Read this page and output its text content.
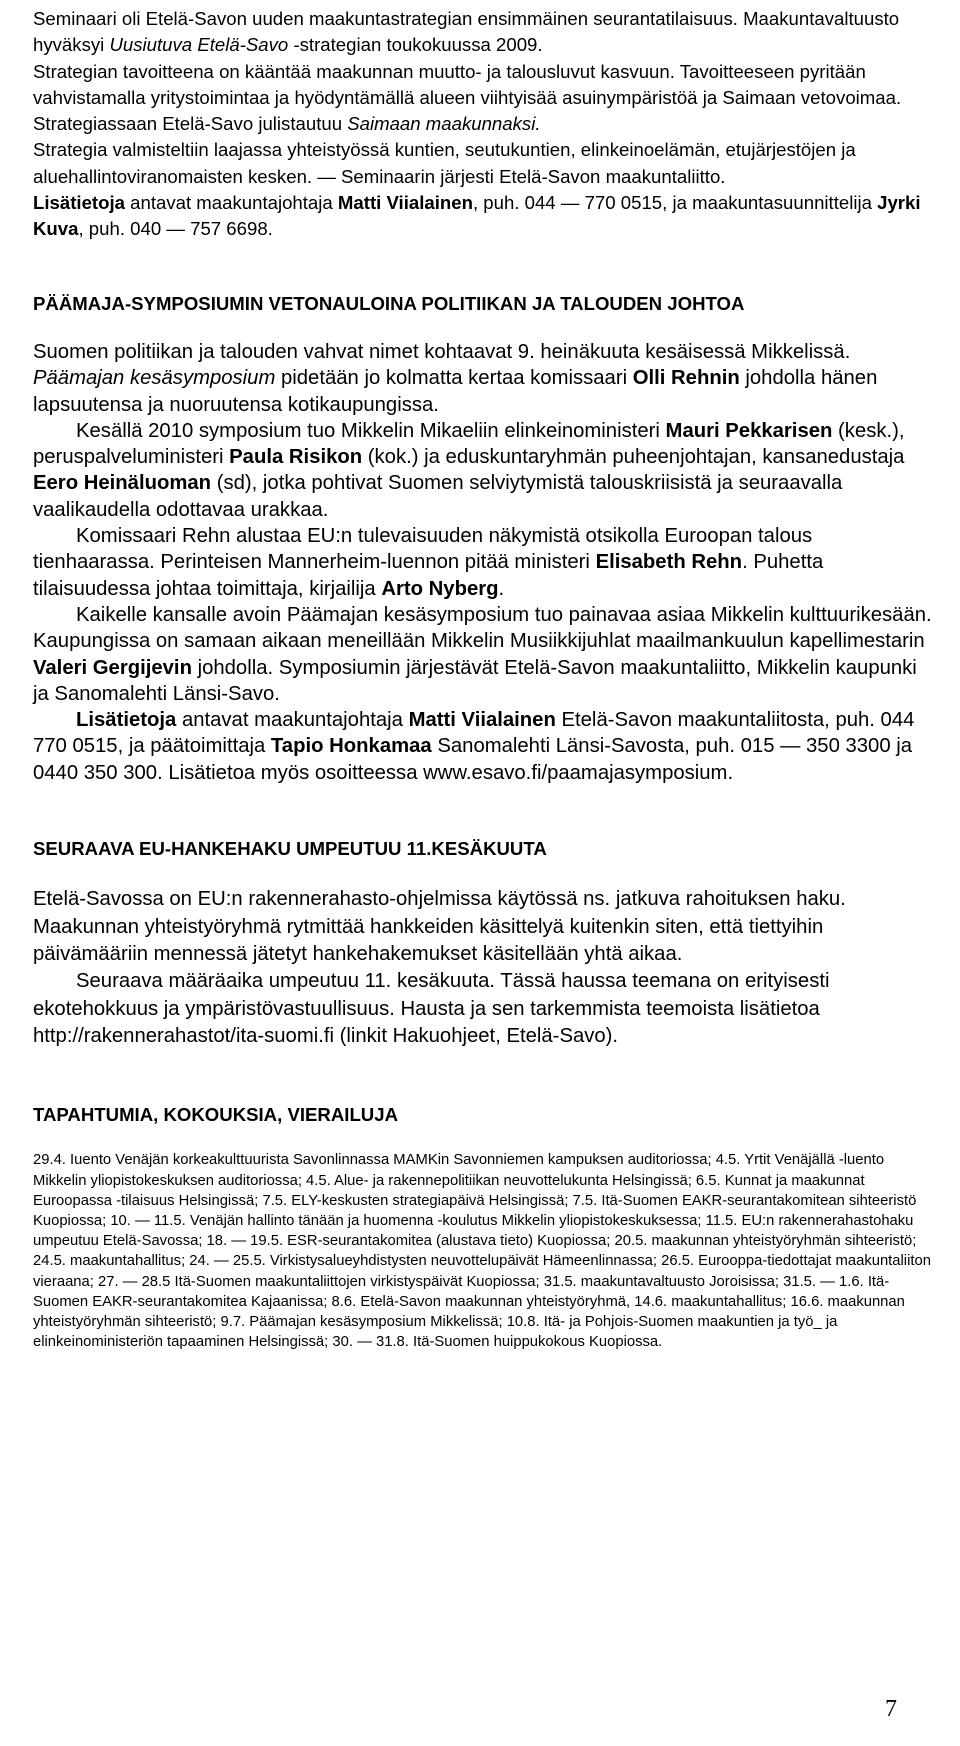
Seminaari oli Etelä-Savon uuden maakuntastrategian ensimmäinen seurantatilaisuus. Maakuntavaltuusto hyväksyi Uusiutuva Etelä-Savo -strategian toukokuussa 2009.

Strategian tavoitteena on kääntää maakunnan muutto- ja talousluvut kasvuun. Tavoitteeseen pyritään vahvistamalla yritystoimintaa ja hyödyntämällä alueen viihtyisää asuinympäristöä ja Saimaan vetovoimaa.

Strategiassaan Etelä-Savo julistautuu Saimaan maakunnaksi.

Strategia valmisteltiin laajassa yhteistyössä kuntien, seutukuntien, elinkeinoelämän, etujärjestöjen ja aluehallintoviranomaisten kesken. — Seminaarin järjesti Etelä-Savon maakuntaliitto.

Lisätietoja antavat maakuntajohtaja Matti Viialainen, puh. 044 — 770 0515, ja maakuntasuunnittelija Jyrki Kuva, puh. 040 — 757 6698.

PÄÄMAJA-SYMPOSIUMIN VETONAULOINA POLITIIKAN JA TALOUDEN JOHTOA

Suomen politiikan ja talouden vahvat nimet kohtaavat 9. heinäkuuta kesäisessä Mikkelissä. Päämajan kesäsymposium pidetään jo kolmatta kertaa komissaari Olli Rehnin johdolla hänen lapsuutensa ja nuoruutensa kotikaupungissa.

Kesällä 2010 symposium tuo Mikkelin Mikaeliin elinkeinoministeri Mauri Pekkarisen (kesk.), peruspalveluministeri Paula Risikon (kok.) ja eduskuntaryhmän puheenjohtajan, kansanedustaja Eero Heinäluoman (sd), jotka pohtivat Suomen selviytymistä talouskriisistä ja seuraavalla vaalikaudella odottavaa urakkaa.

Komissaari Rehn alustaa EU:n tulevaisuuden näkymistä otsikolla Euroopan talous tienhaarassa. Perinteisen Mannerheim-luennon pitää ministeri Elisabeth Rehn. Puhetta tilaisuudessa johtaa toimittaja, kirjailija Arto Nyberg.

Kaikelle kansalle avoin Päämajan kesäsymposium tuo painavaa asiaa Mikkelin kulttuurikesään. Kaupungissa on samaan aikaan meneillään Mikkelin Musiikkijuhlat maailmankuulun kapellimestarin Valeri Gergijevin johdolla. Symposiumin järjestävät Etelä-Savon maakuntaliitto, Mikkelin kaupunki ja Sanomalehti Länsi-Savo.

Lisätietoja antavat maakuntajohtaja Matti Viialainen Etelä-Savon maakuntaliitosta, puh. 044 770 0515, ja päätoimittaja Tapio Honkamaa Sanomalehti Länsi-Savosta, puh. 015 — 350 3300 ja 0440 350 300. Lisätietoa myös osoitteessa www.esavo.fi/paamajasymposium.

SEURAAVA EU-HANKEHAKU UMPEUTUU 11.KESÄKUUTA

Etelä-Savossa on EU:n rakennerahasto-ohjelmissa käytössä ns. jatkuva rahoituksen haku. Maakunnan yhteistyöryhmä rytmittää hankkeiden käsittelyä kuitenkin siten, että tiettyihin päivämääriin mennessä jätetyt hankehakemukset käsitellään yhtä aikaa.

Seuraava määräaika umpeutuu 11. kesäkuuta. Tässä haussa teemana on erityisesti ekotehokkuus ja ympäristövastuullisuus. Hausta ja sen tarkemmista teemoista lisätietoa http://rakennerahastot/ita-suomi.fi (linkit Hakuohjeet, Etelä-Savo).

TAPAHTUMIA, KOKOUKSIA, VIERAILUJA

29.4. Iuento Venäjän korkeakulttuurista Savonlinnassa MAMKin Savonniemen kampuksen auditoriossa; 4.5. Yrtit Venäjällä -luento Mikkelin yliopistokeskuksen auditoriossa; 4.5. Alue- ja rakennepolitiikan neuvottelukunta Helsingissä; 6.5. Kunnat ja maakunnat Euroopassa -tilaisuus Helsingissä; 7.5. ELY-keskusten strategiapäivä Helsingissä; 7.5. Itä-Suomen EAKR-seurantakomitean sihteeristö Kuopiossa; 10. — 11.5. Venäjän hallinto tänään ja huomenna -koulutus Mikkelin yliopistokeskuksessa; 11.5. EU:n rakennerahastohaku umpeutuu Etelä-Savossa; 18. — 19.5. ESR-seurantakomitea (alustava tieto) Kuopiossa; 20.5. maakunnan yhteistyöryhmän sihteeristö; 24.5. maakuntahallitus; 24. — 25.5. Virkistysalueyhdistysten neuvottelupäivät Hämeenlinnassa; 26.5. Eurooppa-tiedottajat maakuntaliiton vieraana; 27. — 28.5 Itä-Suomen maakuntaliittojen virkistyspäivät Kuopiossa; 31.5. maakuntavaltuusto Joroisissa; 31.5. — 1.6. Itä-Suomen EAKR-seurantakomitea Kajaanissa; 8.6. Etelä-Savon maakunnan yhteistyöryhmä, 14.6. maakuntahallitus; 16.6. maakunnan yhteistyöryhmän sihteeristö; 9.7. Päämajan kesäsymposium Mikkelissä; 10.8. Itä- ja Pohjois-Suomen maakuntien ja työ_ ja elinkeinoministeriön tapaaminen Helsingissä; 30. — 31.8. Itä-Suomen huippukokous Kuopiossa.

7
